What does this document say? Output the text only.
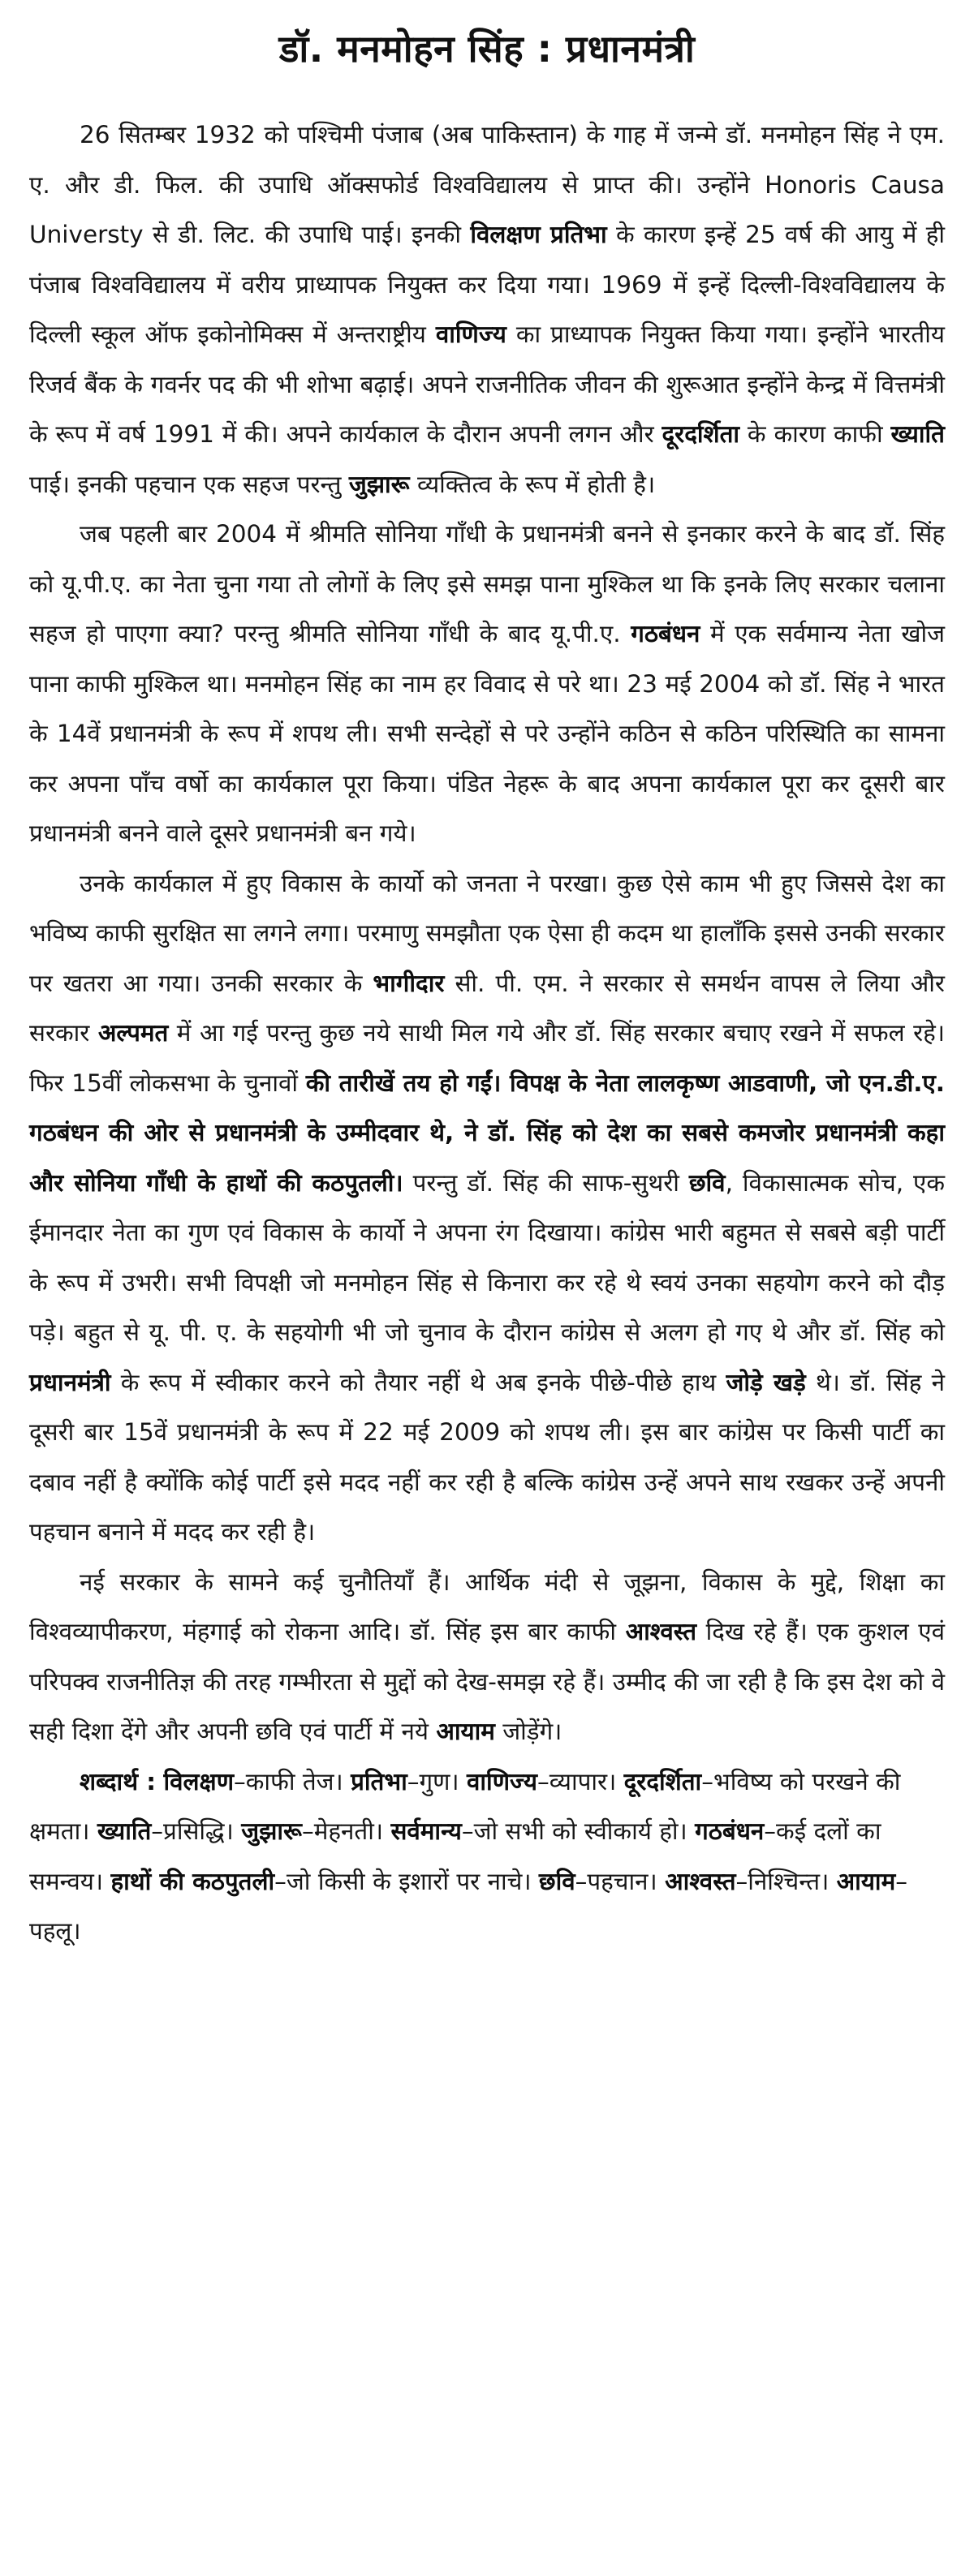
डॉ. मनमोहन सिंह : प्रधानमंत्री

26 सितम्बर 1932 को पश्चिमी पंजाब (अब पाकिस्तान) के गाह में जन्मे डॉ. मनमोहन सिंह ने एम. ए. और डी. फिल. की उपाधि ऑक्सफोर्ड विश्वविद्यालय से प्राप्त की। उन्होंने Honoris Causa Universty से डी. लिट. की उपाधि पाई। इनकी विलक्षण प्रतिभा के कारण इन्हें 25 वर्ष की आयु में ही पंजाब विश्वविद्यालय में वरीय प्राध्यापक नियुक्त कर दिया गया। 1969 में इन्हें दिल्ली-विश्वविद्यालय के दिल्ली स्कूल ऑफ इकोनोमिक्स में अन्तराष्ट्रीय वाणिज्य का प्राध्यापक नियुक्त किया गया। इन्होंने भारतीय रिजर्व बैंक के गवर्नर पद की भी शोभा बढ़ाई। अपने राजनीतिक जीवन की शुरूआत इन्होंने केन्द्र में वित्तमंत्री के रूप में वर्ष 1991 में की। अपने कार्यकाल के दौरान अपनी लगन और दूरदर्शिता के कारण काफी ख्याति पाई। इनकी पहचान एक सहज परन्तु जुझारू व्यक्तित्व के रूप में होती है।

जब पहली बार 2004 में श्रीमति सोनिया गाँधी के प्रधानमंत्री बनने से इनकार करने के बाद डॉ. सिंह को यू.पी.ए. का नेता चुना गया तो लोगों के लिए इसे समझ पाना मुश्किल था कि इनके लिए सरकार चलाना सहज हो पाएगा क्या? परन्तु श्रीमति सोनिया गाँधी के बाद यू.पी.ए. गठबंधन में एक सर्वमान्य नेता खोज पाना काफी मुश्किल था। मनमोहन सिंह का नाम हर विवाद से परे था। 23 मई 2004 को डॉ. सिंह ने भारत के 14वें प्रधानमंत्री के रूप में शपथ ली। सभी सन्देहों से परे उन्होंने कठिन से कठिन परिस्थिति का सामना कर अपना पाँच वर्षो का कार्यकाल पूरा किया। पंडित नेहरू के बाद अपना कार्यकाल पूरा कर दूसरी बार प्रधानमंत्री बनने वाले दूसरे प्रधानमंत्री बन गये।

उनके कार्यकाल में हुए विकास के कार्यो को जनता ने परखा। कुछ ऐसे काम भी हुए जिससे देश का भविष्य काफी सुरक्षित सा लगने लगा। परमाणु समझौता एक ऐसा ही कदम था हालाँकि इससे उनकी सरकार पर खतरा आ गया। उनकी सरकार के भागीदार सी. पी. एम. ने सरकार से समर्थन वापस ले लिया और सरकार अल्पमत में आ गई परन्तु कुछ नये साथी मिल गये और डॉ. सिंह सरकार बचाए रखने में सफल रहे। फिर 15वीं लोकसभा के चुनावों की तारीखें तय हो गईं। विपक्ष के नेता लालकृष्ण आडवाणी, जो एन.डी.ए. गठबंधन की ओर से प्रधानमंत्री के उम्मीदवार थे, ने डॉ. सिंह को देश का सबसे कमजोर प्रधानमंत्री कहा और सोनिया गाँधी के हाथों की कठपुतली। परन्तु डॉ. सिंह की साफ-सुथरी छवि, विकासात्मक सोच, एक ईमानदार नेता का गुण एवं विकास के कार्यो ने अपना रंग दिखाया। कांग्रेस भारी बहुमत से सबसे बड़ी पार्टी के रूप में उभरी। सभी विपक्षी जो मनमोहन सिंह से किनारा कर रहे थे स्वयं उनका सहयोग करने को दौड़ पड़े। बहुत से यू. पी. ए. के सहयोगी भी जो चुनाव के दौरान कांग्रेस से अलग हो गए थे और डॉ. सिंह को प्रधानमंत्री के रूप में स्वीकार करने को तैयार नहीं थे अब इनके पीछे-पीछे हाथ जोड़े खड़े थे। डॉ. सिंह ने दूसरी बार 15वें प्रधानमंत्री के रूप में 22 मई 2009 को शपथ ली। इस बार कांग्रेस पर किसी पार्टी का दबाव नहीं है क्योंकि कोई पार्टी इसे मदद नहीं कर रही है बल्कि कांग्रेस उन्हें अपने साथ रखकर उन्हें अपनी पहचान बनाने में मदद कर रही है।

नई सरकार के सामने कई चुनौतियाँ हैं। आर्थिक मंदी से जूझना, विकास के मुद्दे, शिक्षा का विश्वव्यापीकरण, मंहगाई को रोकना आदि। डॉ. सिंह इस बार काफी आश्वस्त दिख रहे हैं। एक कुशल एवं परिपक्व राजनीतिज्ञ की तरह गम्भीरता से मुद्दों को देख-समझ रहे हैं। उम्मीद की जा रही है कि इस देश को वे सही दिशा देंगे और अपनी छवि एवं पार्टी में नये आयाम जोड़ेंगे।

शब्दार्थ : विलक्षण–काफी तेज। प्रतिभा–गुण। वाणिज्य–व्यापार। दूरदर्शिता–भविष्य को परखने की क्षमता। ख्याति–प्रसिद्धि। जुझारू–मेहनती। सर्वमान्य–जो सभी को स्वीकार्य हो। गठबंधन–कई दलों का समन्वय। हाथों की कठपुतली–जो किसी के इशारों पर नाचे। छवि–पहचान। आश्वस्त–निश्चिन्त। आयाम–पहलू।
